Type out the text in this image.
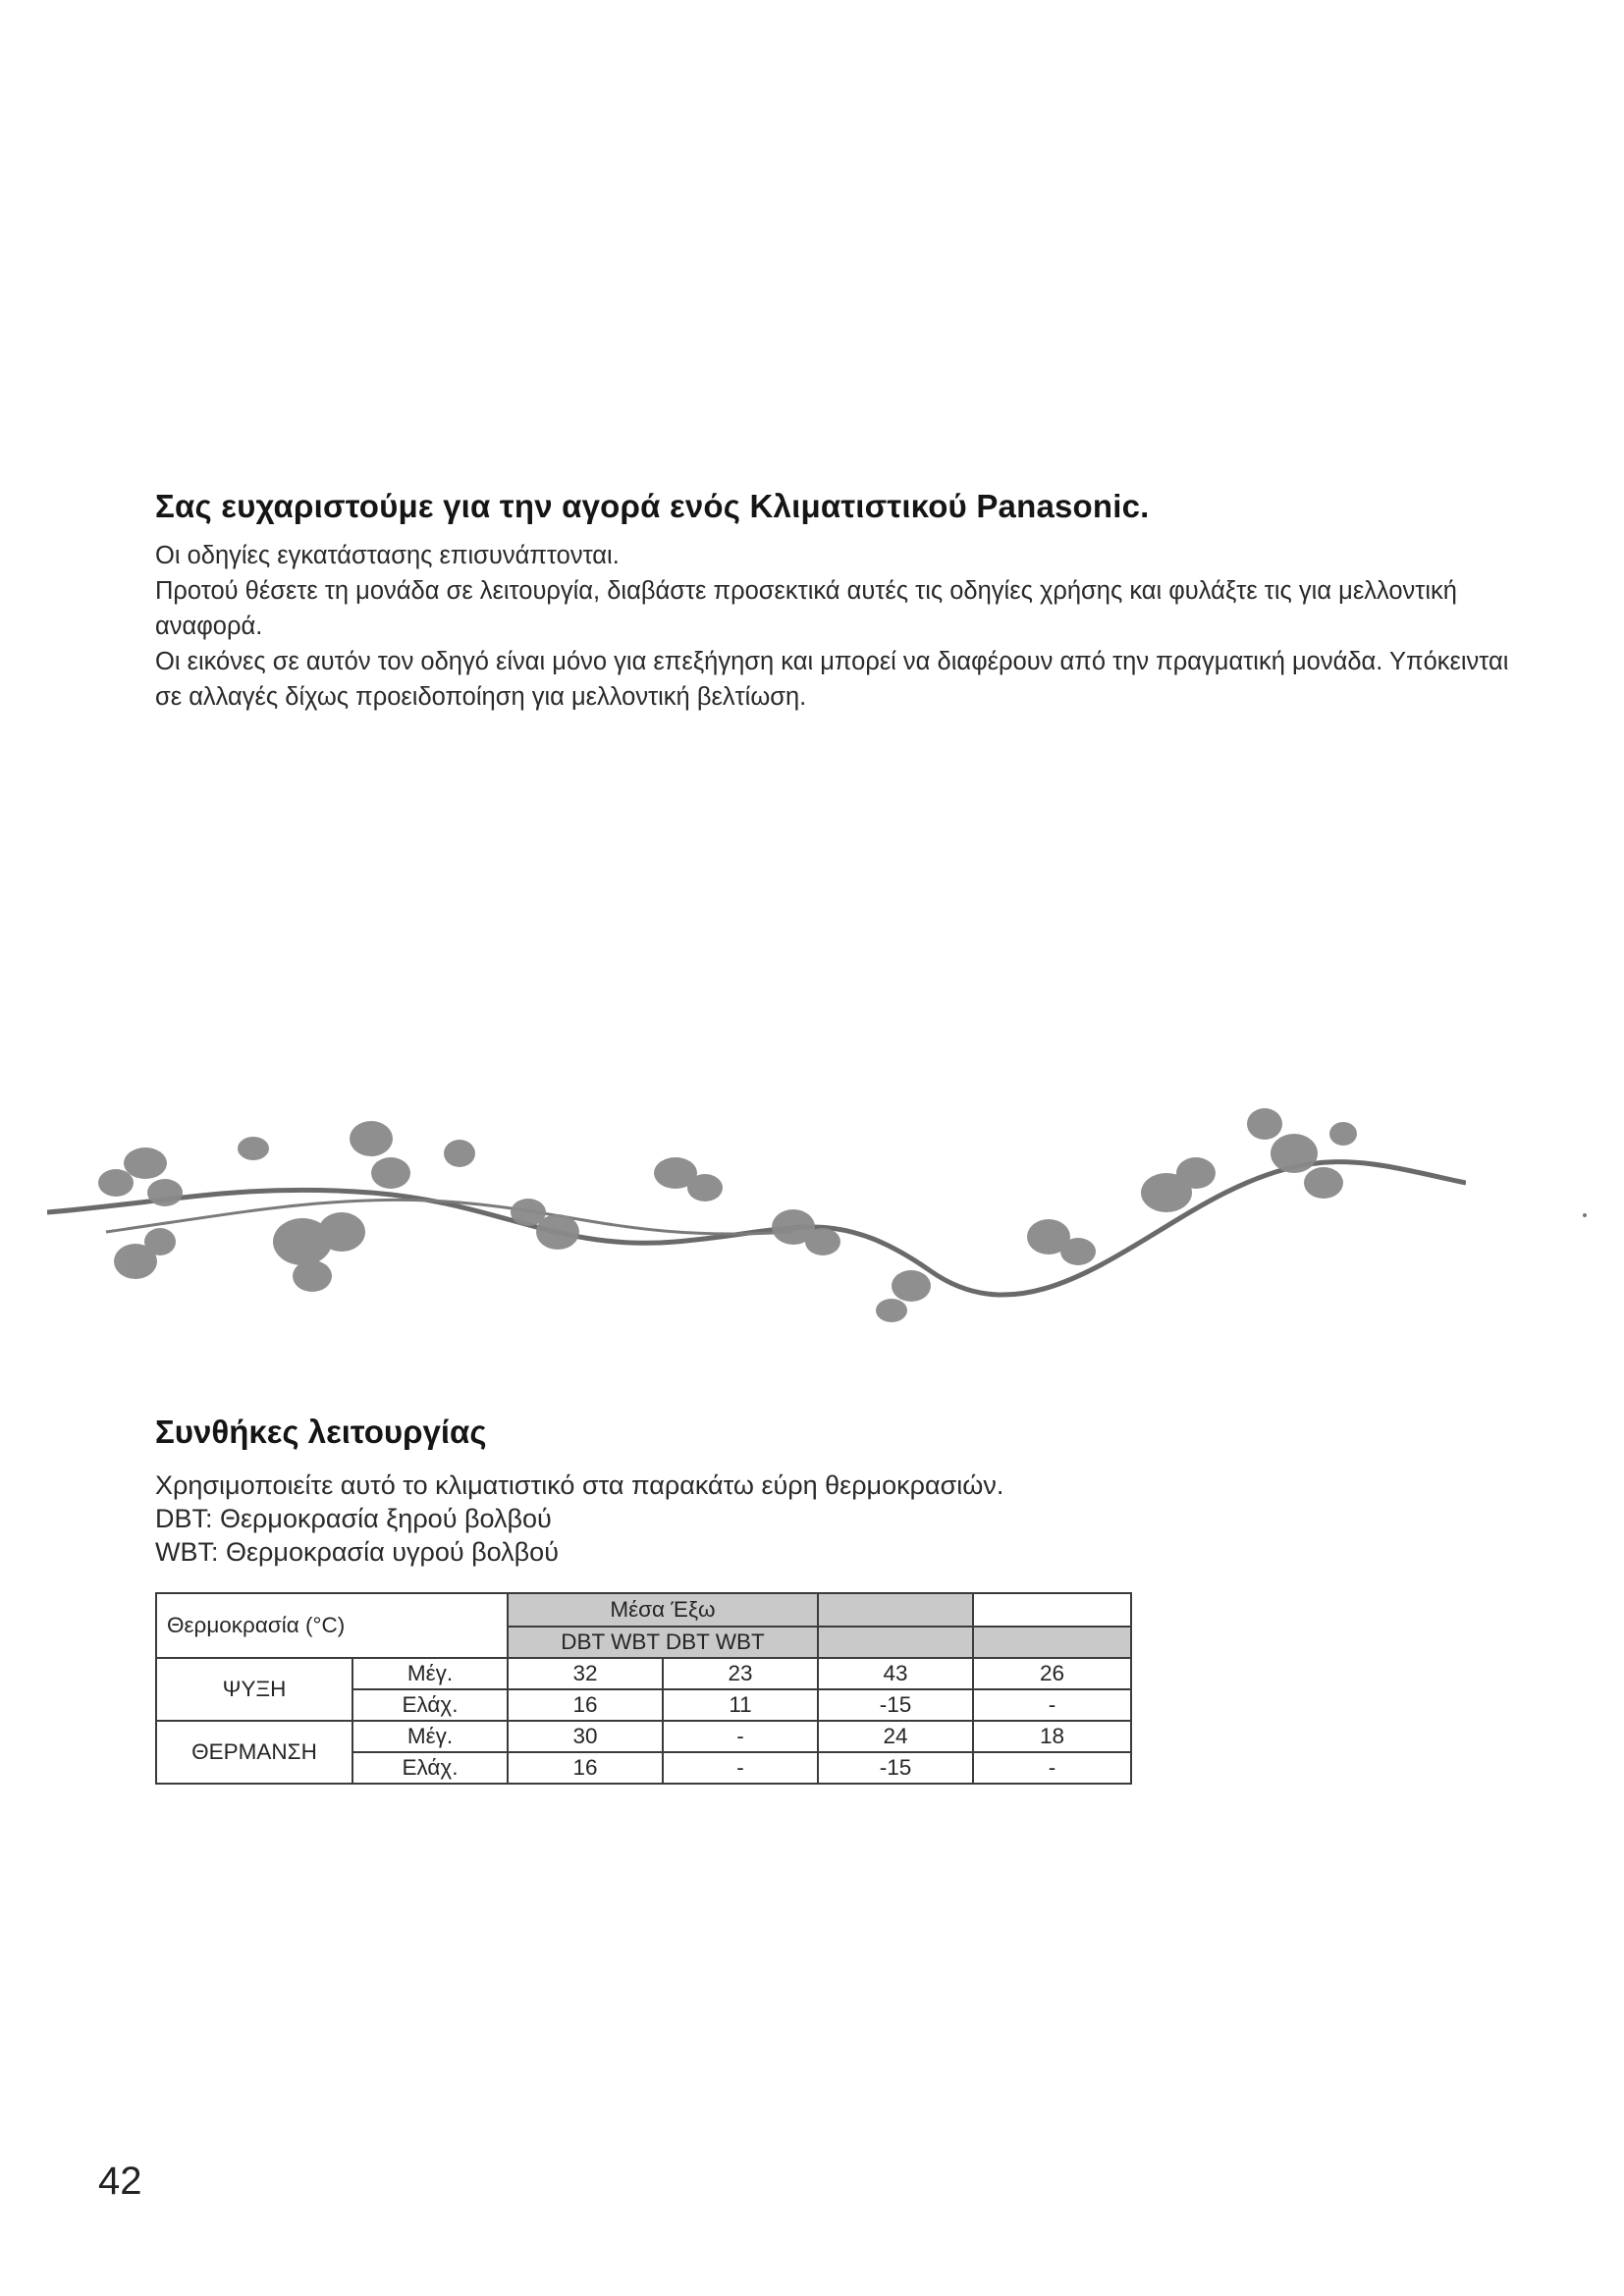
Σας ευχαριστούμε για την αγορά ενός Κλιματιστικού Panasonic.

Οι οδηγίες εγκατάστασης επισυνάπτονται.

Προτού θέσετε τη μονάδα σε λειτουργία, διαβάστε προσεκτικά αυτές τις οδηγίες χρήσης και φυλάξτε τις για μελλοντική αναφορά.

Οι εικόνες σε αυτόν τον οδηγό είναι μόνο για επεξήγηση και μπορεί να διαφέρουν από την πραγματική μονάδα. Υπόκεινται σε αλλαγές δίχως προειδοποίηση για μελλοντική βελτίωση.

Συνθήκες λειτουργίας

Χρησιμοποιείτε αυτό το κλιματιστικό στα παρακάτω εύρη θερμοκρασιών.

DBT: Θερμοκρασία ξηρού βολβού

WBT: Θερμοκρασία υγρού βολβού

Θερμοκρασία (°C)		Μέσα Έξω			
		DBT WBT DBT WBT			
ΨΥΞΗ	Μέγ.	32	23	43	26
	Ελάχ.	16	11	-15	-
ΘΕΡΜΑΝΣΗ	Μέγ.	30	-	24	18
	Ελάχ.	16	-	-15	-
42
